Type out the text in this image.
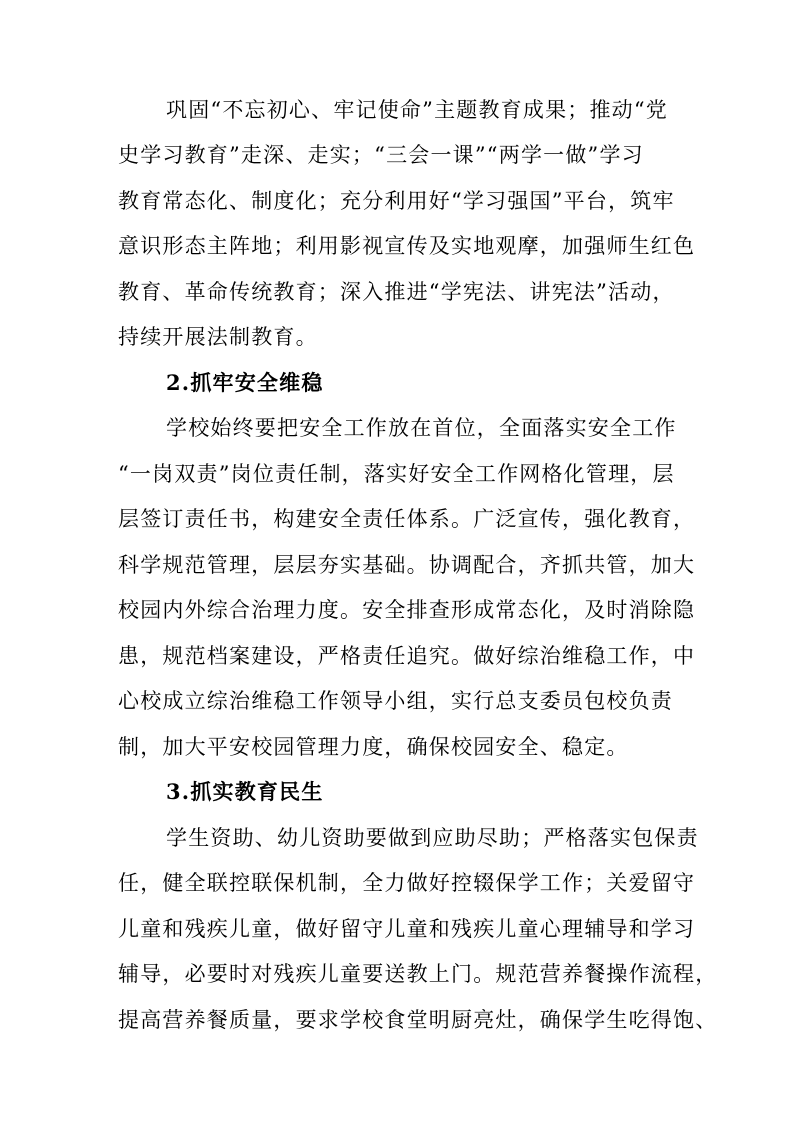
巩固“不忘初心、牢记使命”主题教育成果；推动“党
史学习教育”走深、走实；“三会一课”“两学一做”学习
教育常态化、制度化；充分利用好“学习强国”平台，筑牢
意识形态主阵地；利用影视宣传及实地观摩，加强师生红色
教育、革命传统教育；深入推进“学宪法、讲宪法”活动，
持续开展法制教育。
2.抓牢安全维稳
学校始终要把安全工作放在首位，全面落实安全工作
“一岗双责”岗位责任制，落实好安全工作网格化管理，层
层签订责任书，构建安全责任体系。广泛宣传，强化教育，
科学规范管理，层层夯实基础。协调配合，齐抓共管，加大
校园内外综合治理力度。安全排查形成常态化，及时消除隐
患，规范档案建设，严格责任追究。做好综治维稳工作，中
心校成立综治维稳工作领导小组，实行总支委员包校负责
制，加大平安校园管理力度，确保校园安全、稳定。
3.抓实教育民生
学生资助、幼儿资助要做到应助尽助；严格落实包保责
任，健全联控联保机制，全力做好控辍保学工作；关爱留守
儿童和残疾儿童，做好留守儿童和残疾儿童心理辅导和学习
辅导，必要时对残疾儿童要送教上门。规范营养餐操作流程，
提高营养餐质量，要求学校食堂明厨亮灶，确保学生吃得饱、
